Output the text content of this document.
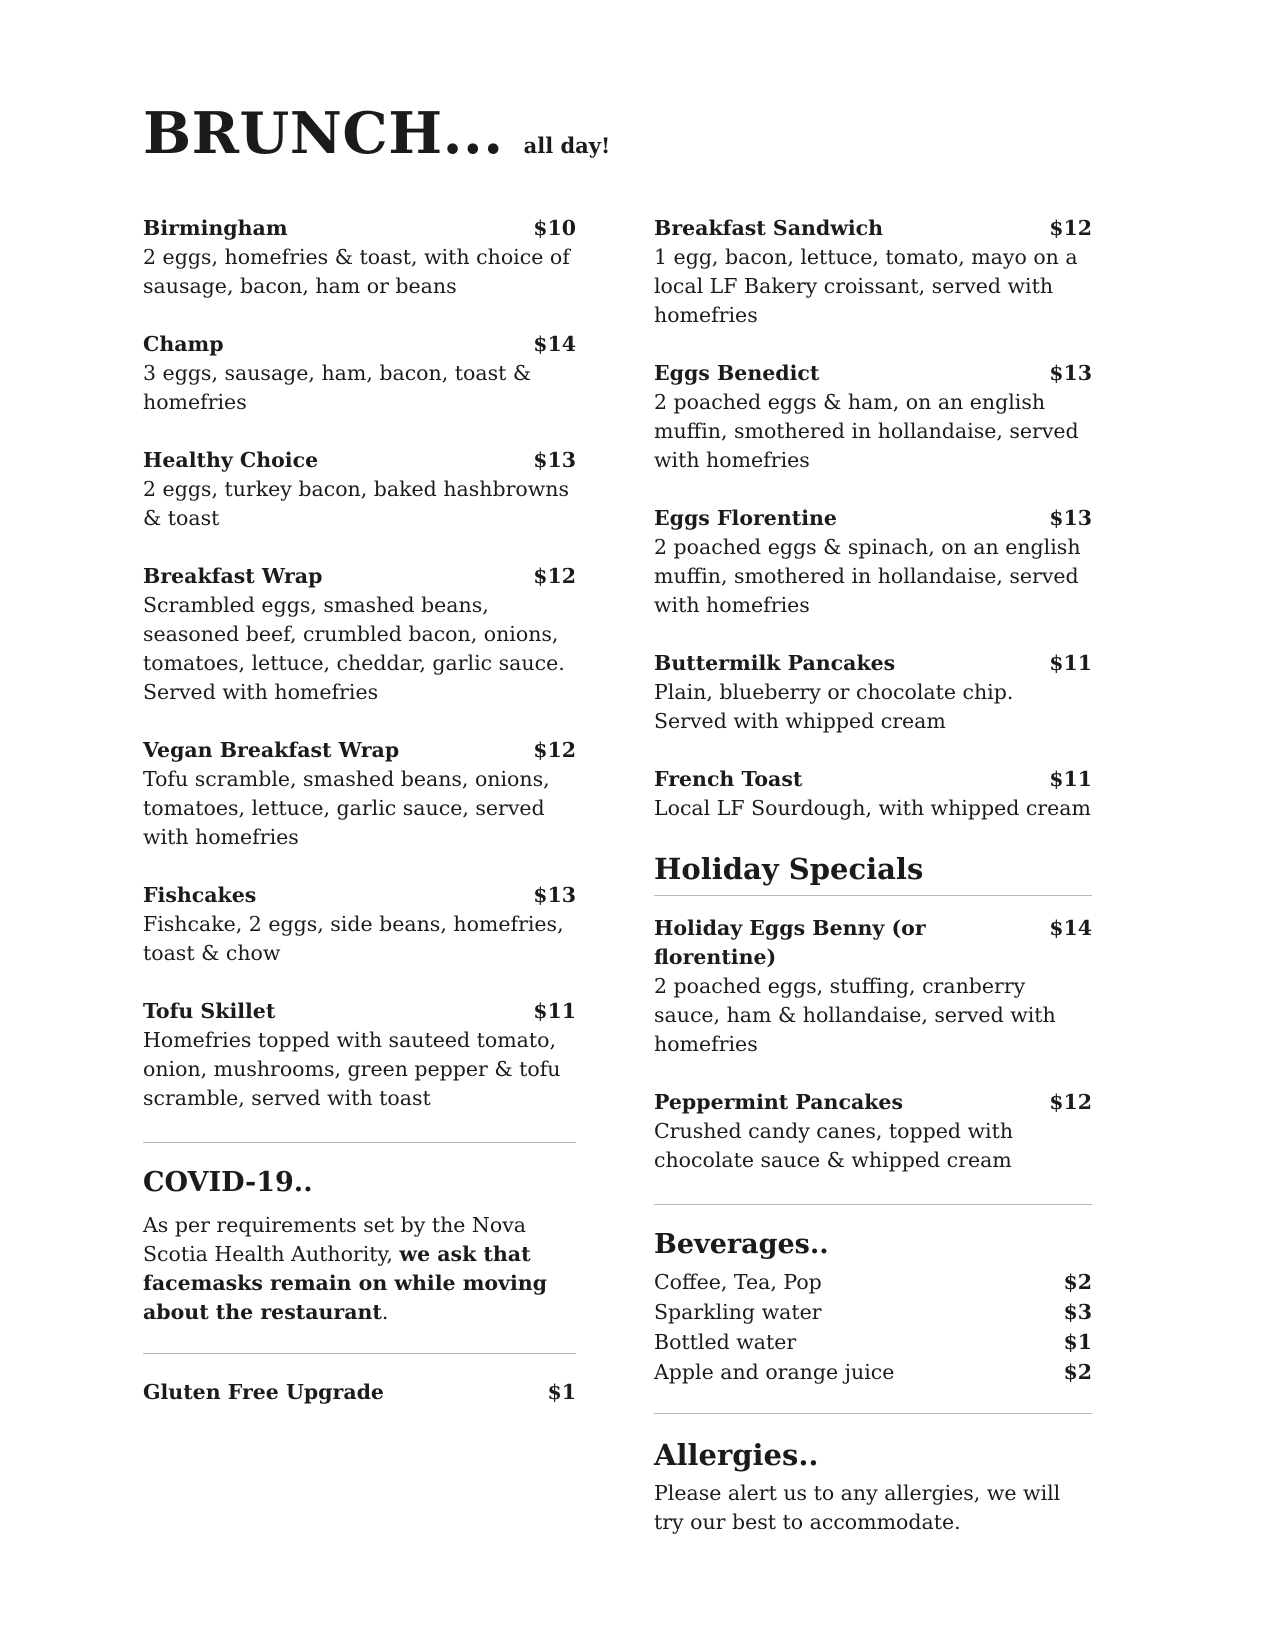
BRUNCH... all day!
Birmingham	$10
2 eggs, homefries & toast, with choice of sausage, bacon, ham or beans
Champ	$14
3 eggs, sausage, ham, bacon, toast & homefries
Healthy Choice	$13
2 eggs, turkey bacon, baked hashbrowns & toast
Breakfast Wrap	$12
Scrambled eggs, smashed beans, seasoned beef, crumbled bacon, onions, tomatoes, lettuce, cheddar, garlic sauce. Served with homefries
Vegan Breakfast Wrap	$12
Tofu scramble, smashed beans, onions, tomatoes, lettuce, garlic sauce, served with homefries
Fishcakes	$13
Fishcake, 2 eggs, side beans, homefries, toast & chow
Tofu Skillet	$11
Homefries topped with sauteed tomato, onion, mushrooms, green pepper & tofu scramble, served with toast
COVID-19..
As per requirements set by the Nova Scotia Health Authority, we ask that facemasks remain on while moving about the restaurant.
Gluten Free Upgrade	$1
Breakfast Sandwich	$12
1 egg, bacon, lettuce, tomato, mayo on a local LF Bakery croissant, served with homefries
Eggs Benedict	$13
2 poached eggs & ham, on an english muffin, smothered in hollandaise, served with homefries
Eggs Florentine	$13
2 poached eggs & spinach, on an english muffin, smothered in hollandaise, served with homefries
Buttermilk Pancakes	$11
Plain, blueberry or chocolate chip. Served with whipped cream
French Toast	$11
Local LF Sourdough, with whipped cream
Holiday Specials
Holiday Eggs Benny (or florentine)
$14
2 poached eggs, stuffing, cranberry sauce, ham & hollandaise, served with homefries
Peppermint Pancakes	$12
Crushed candy canes, topped with chocolate sauce & whipped cream
Beverages..
Coffee, Tea, Pop	$2
Sparkling water	$3
Bottled water	$1
Apple and orange juice	$2
Allergies..
Please alert us to any allergies, we will try our best to accommodate.
